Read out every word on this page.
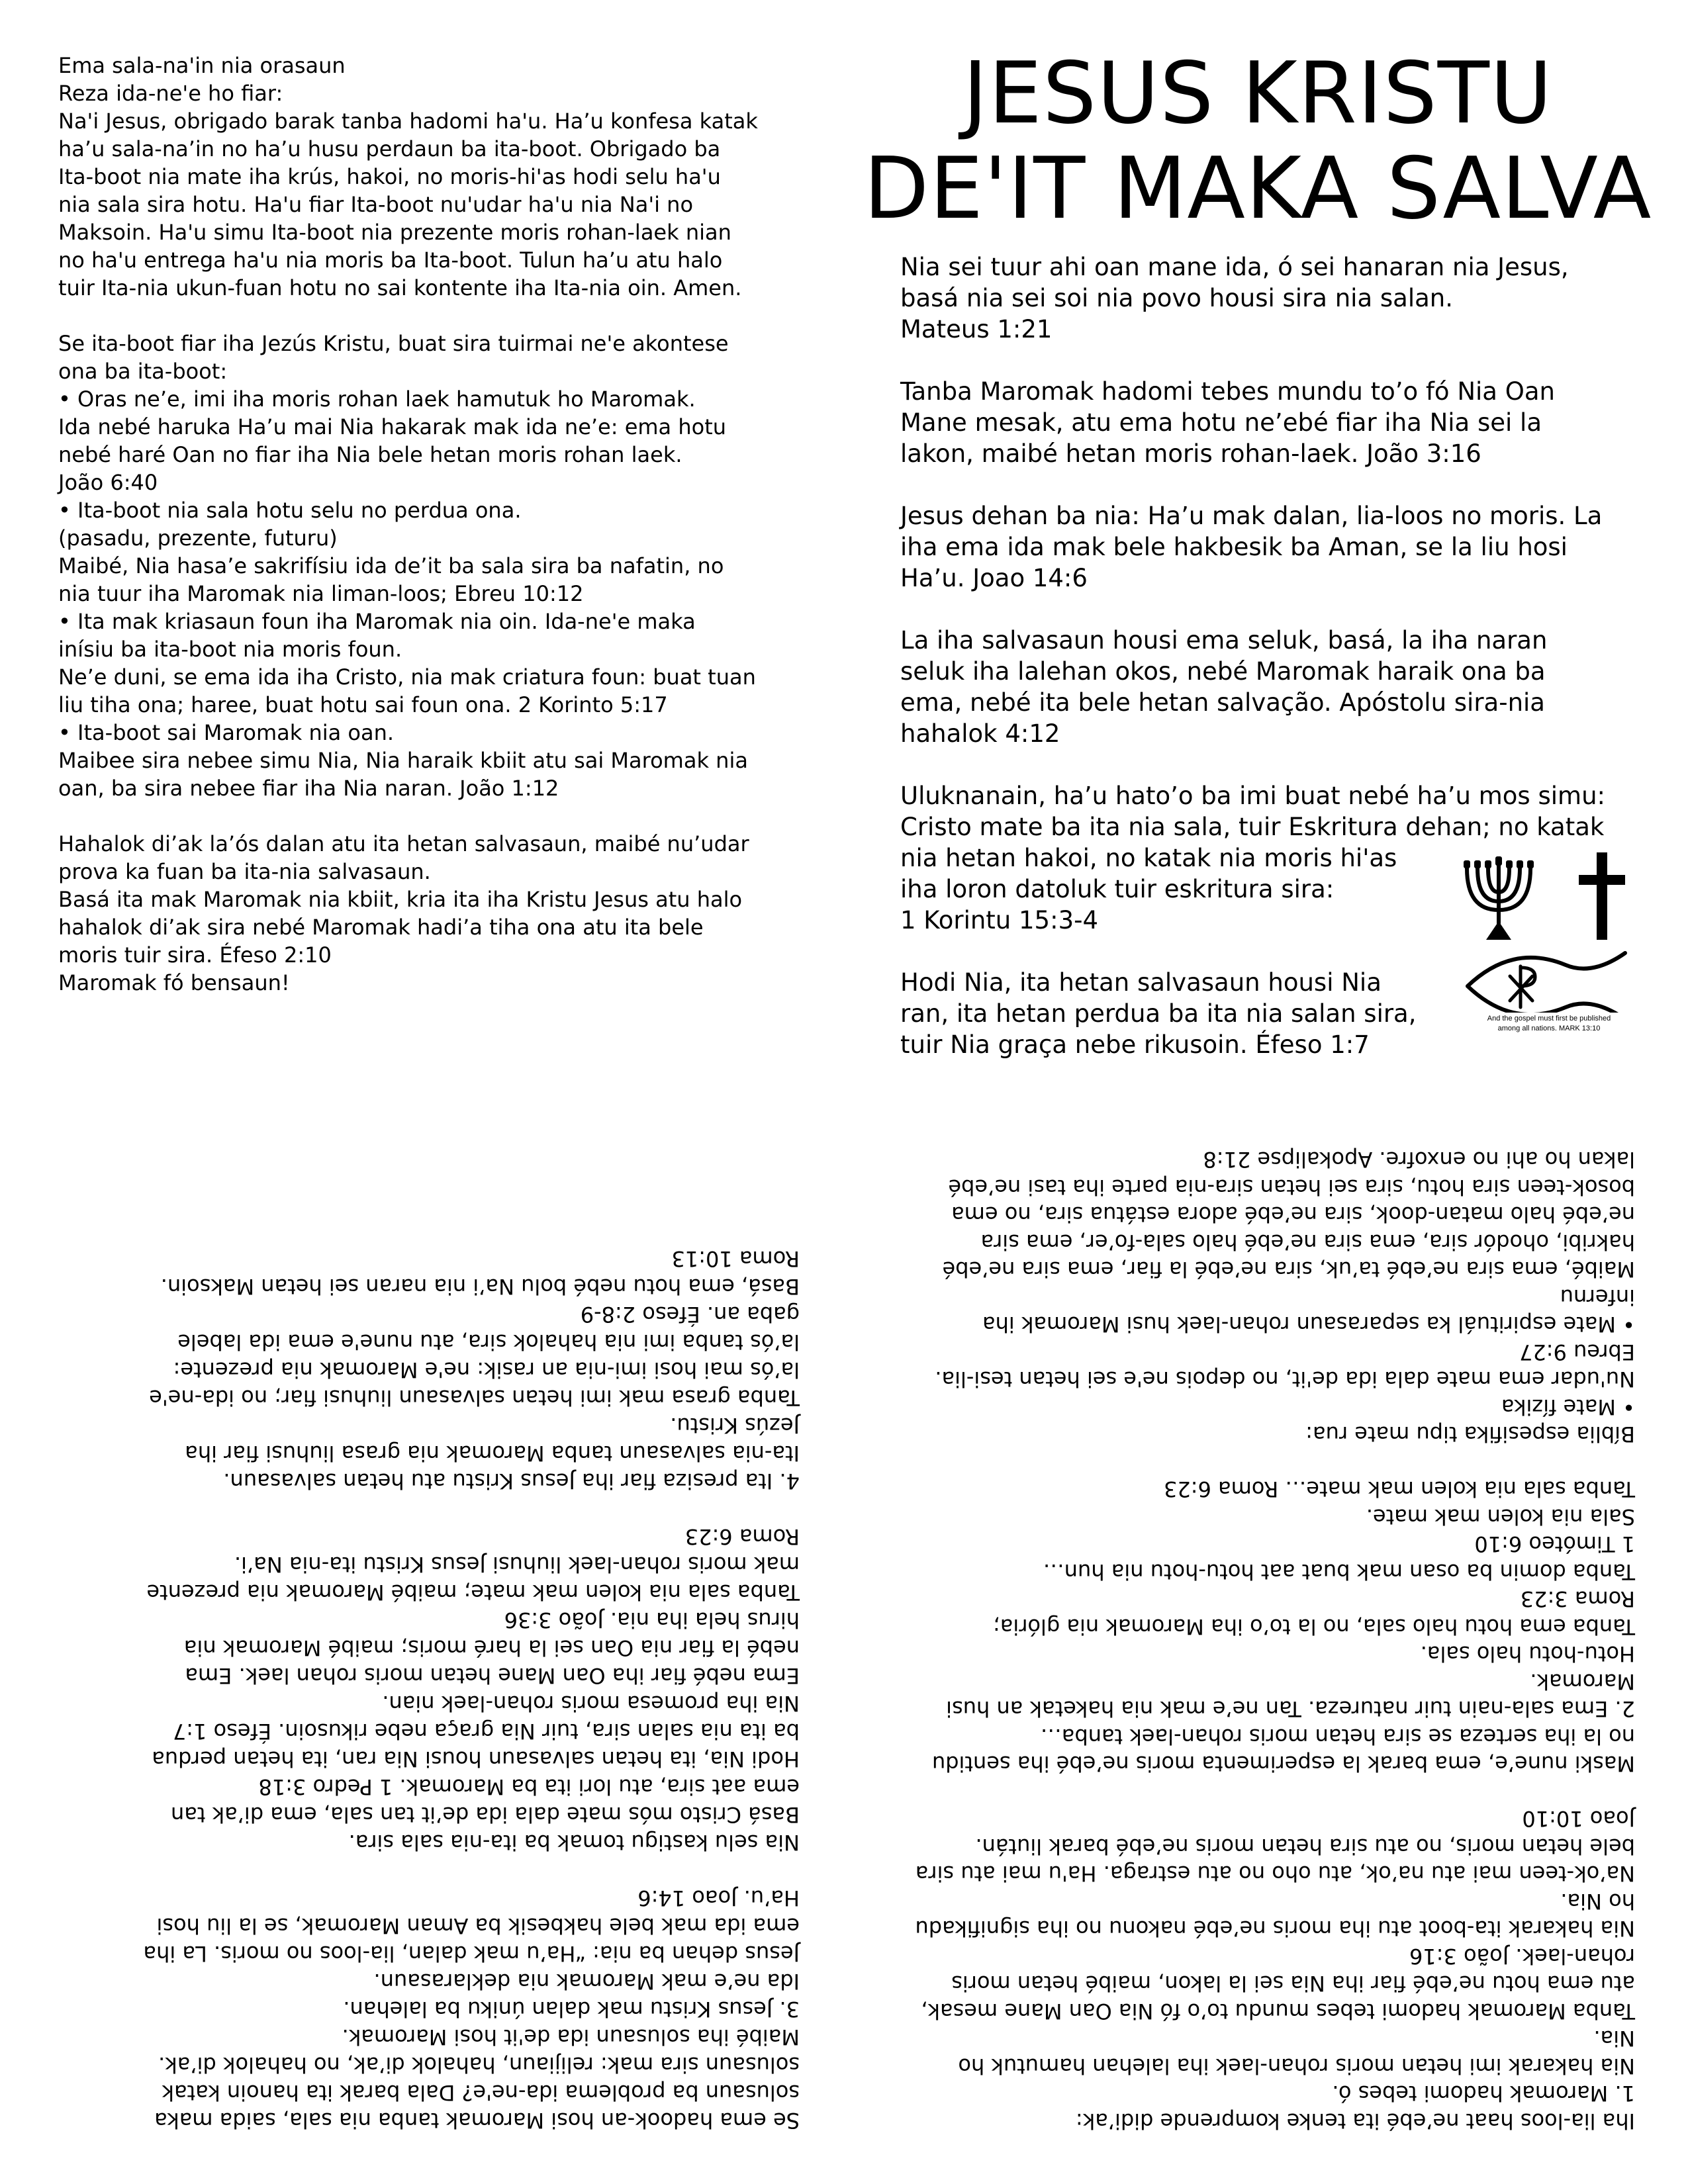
Ema sala-na'in nia orasaun
Reza ida-ne'e ho fiar:
Na'i Jesus, obrigado barak tanba hadomi ha'u. Ha’u konfesa katak
ha’u sala-na’in no ha’u husu perdaun ba ita-boot. Obrigado ba
Ita-boot nia mate iha krús, hakoi, no moris-hi'as hodi selu ha'u
nia sala sira hotu. Ha'u fiar Ita-boot nu'udar ha'u nia Na'i no
Maksoin. Ha'u simu Ita-boot nia prezente moris rohan-laek nian
no ha'u entrega ha'u nia moris ba Ita-boot. Tulun ha’u atu halo
tuir Ita-nia ukun-fuan hotu no sai kontente iha Ita-nia oin. Amen.
Se ita-boot fiar iha Jezús Kristu, buat sira tuirmai ne'e akontese
ona ba ita-boot:
• Oras ne’e, imi iha moris rohan laek hamutuk ho Maromak.
Ida nebé haruka Ha’u mai Nia hakarak mak ida ne’e: ema hotu
nebé haré Oan no fiar iha Nia bele hetan moris rohan laek.
João 6:40
• Ita-boot nia sala hotu selu no perdua ona.
(pasadu, prezente, futuru)
Maibé, Nia hasa’e sakrifísiu ida de’it ba sala sira ba nafatin, no
nia tuur iha Maromak nia liman-loos; Ebreu 10:12
• Ita mak kriasaun foun iha Maromak nia oin. Ida-ne'e maka
inísiu ba ita-boot nia moris foun.
Ne’e duni, se ema ida iha Cristo, nia mak criatura foun: buat tuan
liu tiha ona; haree, buat hotu sai foun ona. 2 Korinto 5:17
• Ita-boot sai Maromak nia oan.
Maibee sira nebee simu Nia, Nia haraik kbiit atu sai Maromak nia
oan, ba sira nebee fiar iha Nia naran. João 1:12
Hahalok di’ak la’ós dalan atu ita hetan salvasaun, maibé nu’udar
prova ka fuan ba ita-nia salvasaun.
Basá ita mak Maromak nia kbiit, kria ita iha Kristu Jesus atu halo
hahalok di’ak sira nebé Maromak hadi’a tiha ona atu ita bele
moris tuir sira. Éfeso 2:10
Maromak fó bensaun!
JESUS KRISTU
DE'IT MAKA SALVA
Nia sei tuur ahi oan mane ida, ó sei hanaran nia Jesus,
basá nia sei soi nia povo housi sira nia salan.
Mateus 1:21
Tanba Maromak hadomi tebes mundu to’o fó Nia Oan
Mane mesak, atu ema hotu ne’ebé fiar iha Nia sei la
lakon, maibé hetan moris rohan-laek. João 3:16
Jesus dehan ba nia: Ha’u mak dalan, lia-loos no moris. La
iha ema ida mak bele hakbesik ba Aman, se la liu hosi
Ha’u. Joao 14:6
La iha salvasaun housi ema seluk, basá, la iha naran
seluk iha lalehan okos, nebé Maromak haraik ona ba
ema, nebé ita bele hetan salvação. Apóstolu sira-nia
hahalok 4:12
Uluknanain, ha’u hato’o ba imi buat nebé ha’u mos simu:
Cristo mate ba ita nia sala, tuir Eskritura dehan; no katak
nia hetan hakoi, no katak nia moris hi'as
iha loron datoluk tuir eskritura sira:
1 Korintu 15:3-4
Hodi Nia, ita hetan salvasaun housi Nia
ran, ita hetan perdua ba ita nia salan sira,
tuir Nia graça nebe rikusoin. Éfeso 1:7
And the gospel must first be published
among all nations. MARK 13:10
Se ema hadook-an hosi Maromak tanba nia sala, saida maka
solusaun ba problema ida-ne'e? Dala barak ita hanoin katak
solusaun sira mak: relijiaun, hahalok di’ak, no hahalok di’ak.
Maibé iha solusaun ida de'it hosi Maromak.
3. Jesus Kristu mak dalan úniku ba lalehan.
Ida ne’e mak Maromak nia deklarasaun.
Jesus dehan ba nia: “Ha’u mak dalan, lia-loos no moris. La iha
ema ida mak bele hakbesik ba Aman Maromak, se la liu hosi
Ha’u. Joao 14:6
Nia selu kastigu tomak ba ita-nia sala sira.
Basá Cristo mós mate dala ida de’it tan sala, ema di’ak tan
ema aat sira, atu lori ita ba Maromak. 1 Pedro 3:18
Hodi Nia, ita hetan salvasaun housi Nia ran, ita hetan perdua
ba ita nia salan sira, tuir Nia graça nebe rikusoin. Éfeso 1:7
Nia iha promesa moris rohan-laek nian.
Ema nebé fiar iha Oan Mane hetan moris rohan laek. Ema
nebé la fiar nia Oan sei la haré moris; maibé Maromak nia
hirus hela iha nia. João 3:36
Tanba sala nia kolen mak mate; maibé Maromak nia prezente
mak moris rohan-laek liuhusi Jesus Kristu ita-nia Na’i.
Roma 6:23
4. Ita presiza fiar iha Jesus Kristu atu hetan salvasaun.
Ita-nia salvasaun tanba Maromak nia grasa liuhusi fiar iha
Jezús Kristu.
Tanba grasa mak imi hetan salvasaun liuhusi fiar; no ida-ne'e
la’ós mai hosi imi-nia an rasik: ne'e Maromak nia prezente:
la’ós tanba imi nia hahalok sira, atu nune'e ema ida labele
gaba an. Éfeso 2:8-9
Basá, ema hotu nebé bolu Na’i nia naran sei hetan Maksoin.
Roma 10:13
Iha lia-loos haat ne’ebé ita tenke komprende didi’ak:
1. Maromak hadomi tebes ó.
Nia hakarak imi hetan moris rohan-laek iha lalehan hamutuk ho
Nia.
Tanba Maromak hadomi tebes mundu to’o fó Nia Oan Mane mesak,
atu ema hotu ne’ebé fiar iha Nia sei la lakon, maibé hetan moris
rohan-laek. João 3:16
Nia hakarak ita-boot atu iha moris ne’ebé nakonu no iha signifikadu
ho Nia.
Na’ok-teen mai atu na’ok, atu oho no atu estraga. Ha'u mai atu sira
bele hetan moris, no atu sira hetan moris ne’ebé barak liután.
Joao 10:10
Maski nune’e, ema barak la esperimenta moris ne’ebé iha sentidu
no la iha serteza se sira hetan moris rohan-laek tanba…
2. Ema sala-nain tuir natureza. Tan ne’e mak nia haketak an husi
Maromak.
Hotu-hotu halo sala.
Tanba ema hotu halo sala, no la to’o iha Maromak nia glória;
Roma 3:23
Tanba domin ba osan mak buat aat hotu-hotu nia hun…
1 Timóteo 6:10
Sala nia kolen mak mate.
Tanba sala nia kolen mak mate… Roma 6:23
Bíblia espesifika tipu mate rua:
• Mate fízika
Nu'udar ema mate dala ida de'it, no depois ne'e sei hetan tesi-lia.
Ebreu 9:27
• Mate espirituál ka separasaun rohan-laek husi Maromak iha
infernu
Maibé, ema sira ne’ebé ta’uk, sira ne’ebé la fiar, ema sira ne’ebé
hakribi, ohodór sira, ema sira ne’ebé halo sala-fo’er, ema sira
ne’ebé halo matan-dook, sira ne’ebé adora estátua sira, no ema
bosok-teen sira hotu, sira sei hetan sira-nia parte iha tasi ne’ebé
lakan ho ahi no enxofre. Apokalipse 21:8
